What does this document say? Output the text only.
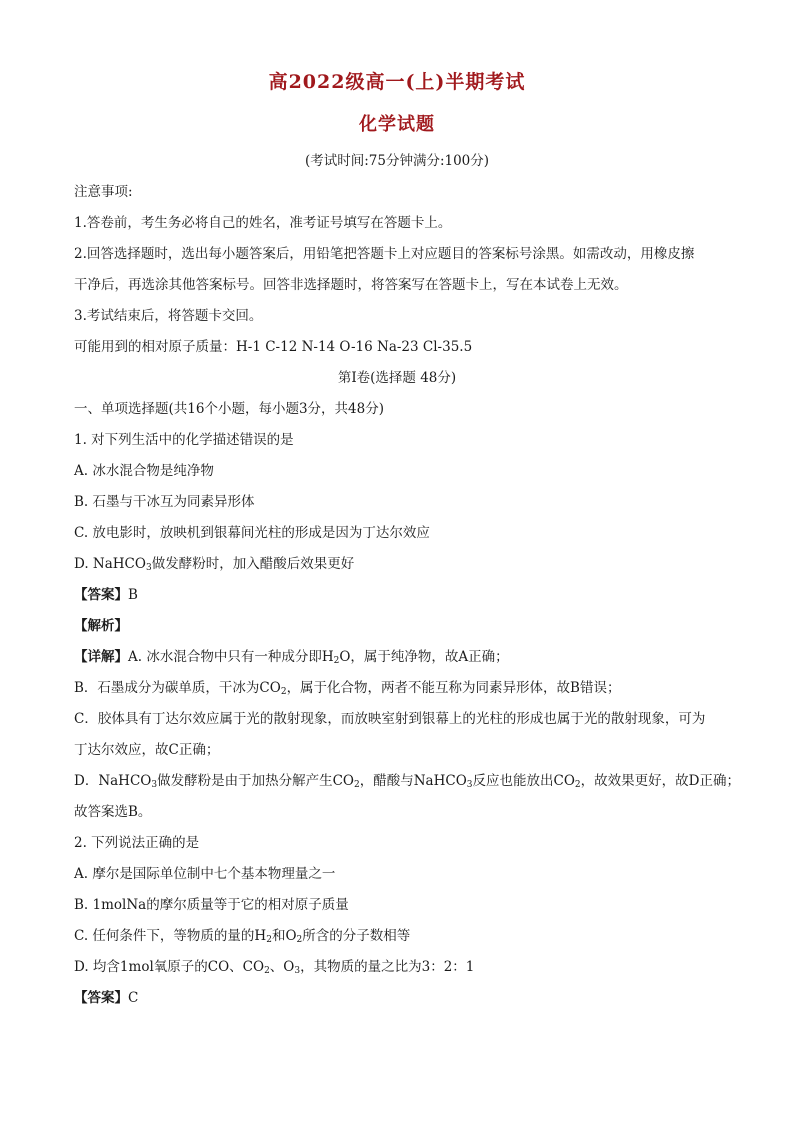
高2022级高一(上)半期考试
化学试题
(考试时间:75分钟满分:100分)
注意事项:
1.答卷前，考生务必将自己的姓名，准考证号填写在答题卡上。
2.回答选择题时，选出每小题答案后，用铅笔把答题卡上对应题目的答案标号涂黑。如需改动，用橡皮擦
干净后，再选涂其他答案标号。回答非选择题时，将答案写在答题卡上，写在本试卷上无效。
3.考试结束后，将答题卡交回。
可能用到的相对原子质量：H-1 C-12 N-14 O-16 Na-23 Cl-35.5
第I卷(选择题 48分)
一、单项选择题(共16个小题，每小题3分，共48分)
1. 对下列生活中的化学描述错误的是
A. 冰水混合物是纯净物
B. 石墨与干冰互为同素异形体
C. 放电影时，放映机到银幕间光柱的形成是因为丁达尔效应
D. NaHCO$_3$做发酵粉时，加入醋酸后效果更好
【答案】B
【解析】
【详解】A. 冰水混合物中只有一种成分即$H_2O$，属于纯净物，故A正确；
B．石墨成分为碳单质，干冰为$CO_2$，属于化合物，两者不能互称为同素异形体，故B错误；
C．胶体具有丁达尔效应属于光的散射现象，而放映室射到银幕上的光柱的形成也属于光的散射现象，可为
丁达尔效应，故C正确；
D．NaHCO$_3$做发酵粉是由于加热分解产生$CO_2$，醋酸与NaHCO$_3$反应也能放出$CO_2$，故效果更好，故D正确；
故答案选B。
2. 下列说法正确的是
A. 摩尔是国际单位制中七个基本物理量之一
B. 1molNa的摩尔质量等于它的相对原子质量
C. 任何条件下，等物质的量的$H_2$和$O_2$所含的分子数相等
D. 均含1mol氧原子的CO、$CO_2$、$O_3$，其物质的量之比为3：2：1
【答案】C
